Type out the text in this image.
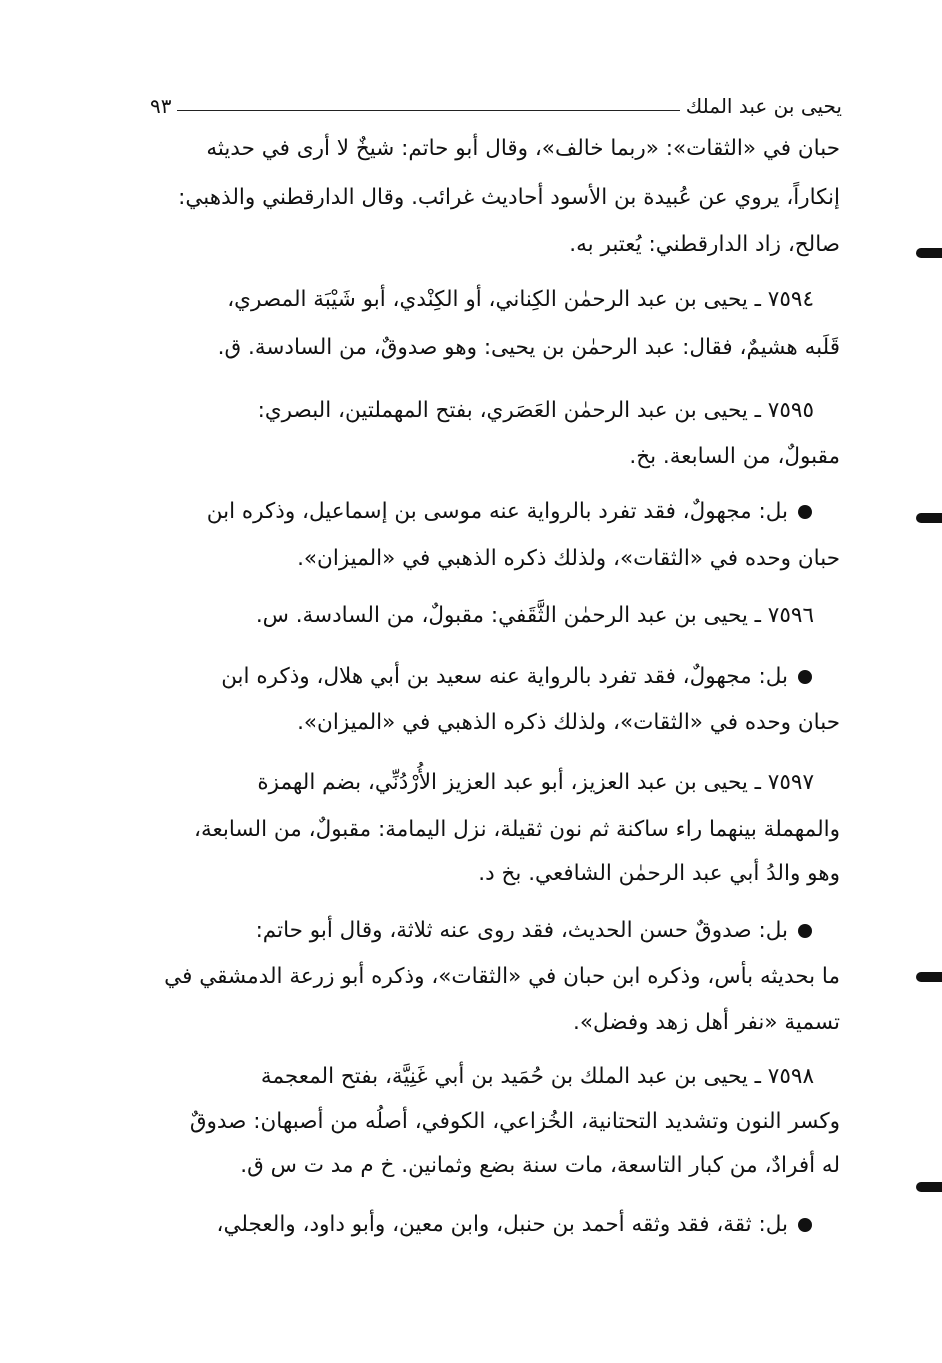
يحيى بن عبد الملك
٩٣
حبان في «الثقات»: «ربما خالف»، وقال أبو حاتم: شيخٌ لا أرى في حديثه
إنكاراً، يروي عن عُبيدة بن الأسود أحاديث غرائب. وقال الدارقطني والذهبي:
صالح، زاد الدارقطني: يُعتبر به.
٧٥٩٤ ـ يحيى بن عبد الرحمٰن الكِناني، أو الكِنْدي، أبو شَيْبَة المصري،
قَلَبه هشيمٌ، فقال: عبد الرحمٰن بن يحيى: وهو صدوقٌ، من السادسة. ق.
٧٥٩٥ ـ يحيى بن عبد الرحمٰن العَصَري، بفتح المهملتين، البصري:
مقبولٌ، من السابعة. بخ.
بل: مجهولٌ، فقد تفرد بالرواية عنه موسى بن إسماعيل، وذكره ابن
حبان وحده في «الثقات»، ولذلك ذكره الذهبي في «الميزان».
٧٥٩٦ ـ يحيى بن عبد الرحمٰن الثَّقَفي: مقبولٌ، من السادسة. س.
بل: مجهولٌ، فقد تفرد بالرواية عنه سعيد بن أبي هلال، وذكره ابن
حبان وحده في «الثقات»، ولذلك ذكره الذهبي في «الميزان».
٧٥٩٧ ـ يحيى بن عبد العزيز، أبو عبد العزيز الأُرْدُنِّي، بضم الهمزة
والمهملة بينهما راء ساكنة ثم نون ثقيلة، نزل اليمامة: مقبولٌ، من السابعة،
وهو والدُ أبي عبد الرحمٰن الشافعي. بخ د.
بل: صدوقٌ حسن الحديث، فقد روى عنه ثلاثة، وقال أبو حاتم:
ما بحديثه بأس، وذكره ابن حبان في «الثقات»، وذكره أبو زرعة الدمشقي في
تسمية «نفر أهل زهد وفضل».
٧٥٩٨ ـ يحيى بن عبد الملك بن حُمَيد بن أبي غَنِيَّة، بفتح المعجمة
وكسر النون وتشديد التحتانية، الخُزاعي، الكوفي، أصلُه من أصبهان: صدوقٌ
له أفرادٌ، من كبار التاسعة، مات سنة بضع وثمانين. خ م مد ت س ق.
بل: ثقة، فقد وثقه أحمد بن حنبل، وابن معين، وأبو داود، والعجلي،
